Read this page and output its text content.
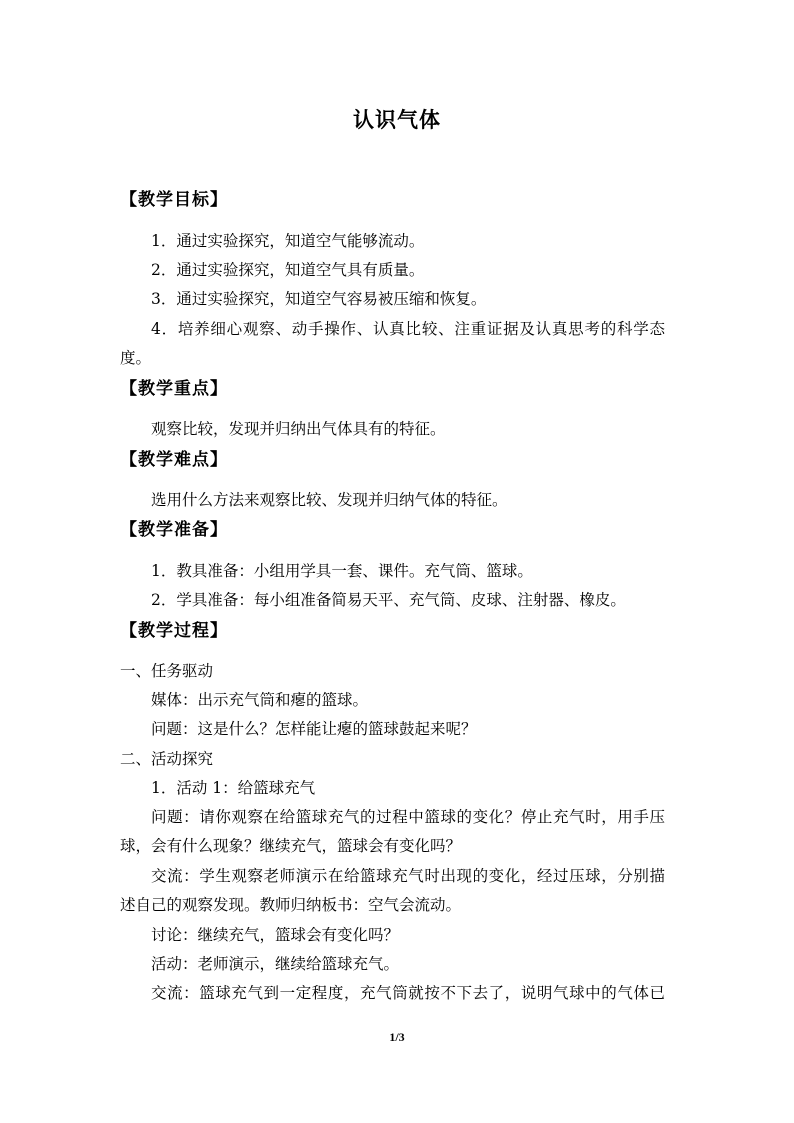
认识气体
【教学目标】
1．通过实验探究，知道空气能够流动。
2．通过实验探究，知道空气具有质量。
3．通过实验探究，知道空气容易被压缩和恢复。
4．培养细心观察、动手操作、认真比较、注重证据及认真思考的科学态
度。
【教学重点】
观察比较，发现并归纳出气体具有的特征。
【教学难点】
选用什么方法来观察比较、发现并归纳气体的特征。
【教学准备】
1．教具准备：小组用学具一套、课件。充气筒、篮球。
2．学具准备：每小组准备简易天平、充气筒、皮球、注射器、橡皮。
【教学过程】
一、任务驱动
媒体：出示充气筒和瘪的篮球。
问题：这是什么？怎样能让瘪的篮球鼓起来呢？
二、活动探究
1．活动 1：给篮球充气
问题：请你观察在给篮球充气的过程中篮球的变化？停止充气时，用手压
球，会有什么现象？继续充气，篮球会有变化吗？
交流：学生观察老师演示在给篮球充气时出现的变化，经过压球，分别描
述自己的观察发现。教师归纳板书：空气会流动。
讨论：继续充气，篮球会有变化吗？
活动：老师演示，继续给篮球充气。
交流：篮球充气到一定程度，充气筒就按不下去了，说明气球中的气体已
1/3
